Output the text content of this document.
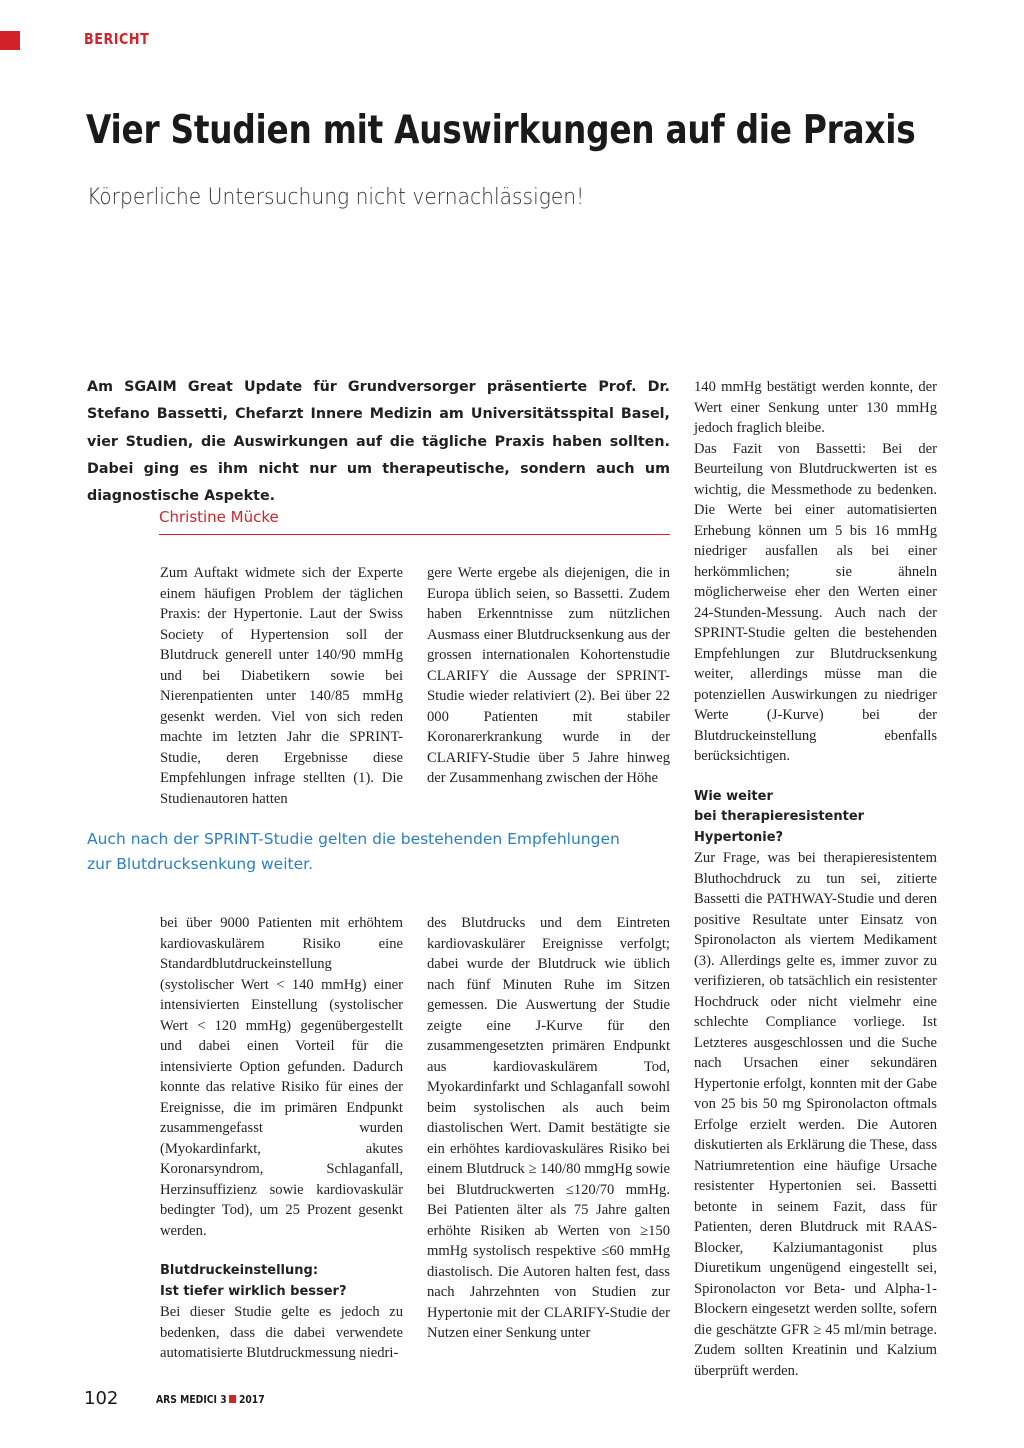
BERICHT
Vier Studien mit Auswirkungen auf die Praxis
Körperliche Untersuchung nicht vernachlässigen!

Am SGAIM Great Update für Grundversorger präsentierte Prof. Dr. Stefano Bassetti, Chefarzt Innere Medizin am Universitätsspital Basel, vier Studien, die Auswirkungen auf die tägliche Praxis haben sollten. Dabei ging es ihm nicht nur um therapeutische, sondern auch um diagnostische Aspekte.

Christine Mücke

Zum Auftakt widmete sich der Experte einem häufigen Problem der täglichen Praxis: der Hypertonie. Laut der Swiss Society of Hypertension soll der Blutdruck generell unter 140/90 mmHg und bei Diabetikern sowie bei Nierenpatienten unter 140/85 mmHg gesenkt werden. Viel von sich reden machte im letzten Jahr die SPRINT-Studie, deren Ergebnisse diese Empfehlungen infrage stellten (1). Die Studienautoren hatten

gere Werte ergebe als diejenigen, die in Europa üblich seien, so Bassetti. Zudem haben Erkenntnisse zum nützlichen Ausmass einer Blutdrucksenkung aus der grossen internationalen Kohortenstudie CLARIFY die Aussage der SPRINT-Studie wieder relativiert (2). Bei über 22 000 Patienten mit stabiler Koronarerkrankung wurde in der CLARIFY-Studie über 5 Jahre hinweg der Zusammenhang zwischen der Höhe

Auch nach der SPRINT-Studie gelten die bestehenden Empfehlungen zur Blutdrucksenkung weiter.

bei über 9000 Patienten mit erhöhtem kardiovaskulärem Risiko eine Standardblutdruckeinstellung (systolischer Wert < 140 mmHg) einer intensivierten Einstellung (systolischer Wert < 120 mmHg) gegenübergestellt und dabei einen Vorteil für die intensivierte Option gefunden. Dadurch konnte das relative Risiko für eines der Ereignisse, die im primären Endpunkt zusammengefasst wurden (Myokardinfarkt, akutes Koronarsyndrom, Schlaganfall, Herzinsuffizienz sowie kardiovaskulär bedingter Tod), um 25 Prozent gesenkt werden.

Blutdruckeinstellung:
Ist tiefer wirklich besser?

Bei dieser Studie gelte es jedoch zu bedenken, dass die dabei verwendete automatisierte Blutdruckmessung niedri-

des Blutdrucks und dem Eintreten kardiovaskulärer Ereignisse verfolgt; dabei wurde der Blutdruck wie üblich nach fünf Minuten Ruhe im Sitzen gemessen. Die Auswertung der Studie zeigte eine J-Kurve für den zusammengesetzten primären Endpunkt aus kardiovaskulärem Tod, Myokardinfarkt und Schlaganfall sowohl beim systolischen als auch beim diastolischen Wert. Damit bestätigte sie ein erhöhtes kardiovaskuläres Risiko bei einem Blutdruck ≥ 140/80 mmgHg sowie bei Blutdruckwerten ≤120/70 mmHg. Bei Patienten älter als 75 Jahre galten erhöhte Risiken ab Werten von ≥150 mmHg systolisch respektive ≤60 mmHg diastolisch. Die Autoren halten fest, dass nach Jahrzehnten von Studien zur Hypertonie mit der CLARIFY-Studie der Nutzen einer Senkung unter

140 mmHg bestätigt werden konnte, der Wert einer Senkung unter 130 mmHg jedoch fraglich bleibe.

Das Fazit von Bassetti: Bei der Beurteilung von Blutdruckwerten ist es wichtig, die Messmethode zu bedenken. Die Werte bei einer automatisierten Erhebung können um 5 bis 16 mmHg niedriger ausfallen als bei einer herkömmlichen; sie ähneln möglicherweise eher den Werten einer 24-Stunden-Messung. Auch nach der SPRINT-Studie gelten die bestehenden Empfehlungen zur Blutdrucksenkung weiter, allerdings müsse man die potenziellen Auswirkungen zu niedriger Werte (J-Kurve) bei der Blutdruckeinstellung ebenfalls berücksichtigen.

Wie weiter
bei therapieresistenter Hypertonie?

Zur Frage, was bei therapieresistentem Bluthochdruck zu tun sei, zitierte Bassetti die PATHWAY-Studie und deren positive Resultate unter Einsatz von Spironolacton als viertem Medikament (3). Allerdings gelte es, immer zuvor zu verifizieren, ob tatsächlich ein resistenter Hochdruck oder nicht vielmehr eine schlechte Compliance vorliege. Ist Letzteres ausgeschlossen und die Suche nach Ursachen einer sekundären Hypertonie erfolgt, konnten mit der Gabe von 25 bis 50 mg Spironolacton oftmals Erfolge erzielt werden. Die Autoren diskutierten als Erklärung die These, dass Natriumretention eine häufige Ursache resistenter Hypertonien sei. Bassetti betonte in seinem Fazit, dass für Patienten, deren Blutdruck mit RAAS-Blocker, Kalziumantagonist plus Diuretikum ungenügend eingestellt sei, Spironolacton vor Beta- und Alpha-1-Blockern eingesetzt werden sollte, sofern die geschätzte GFR ≥ 45 ml/min betrage. Zudem sollten Kreatinin und Kalzium überprüft werden.

102	ARS MEDICI 3 2017
